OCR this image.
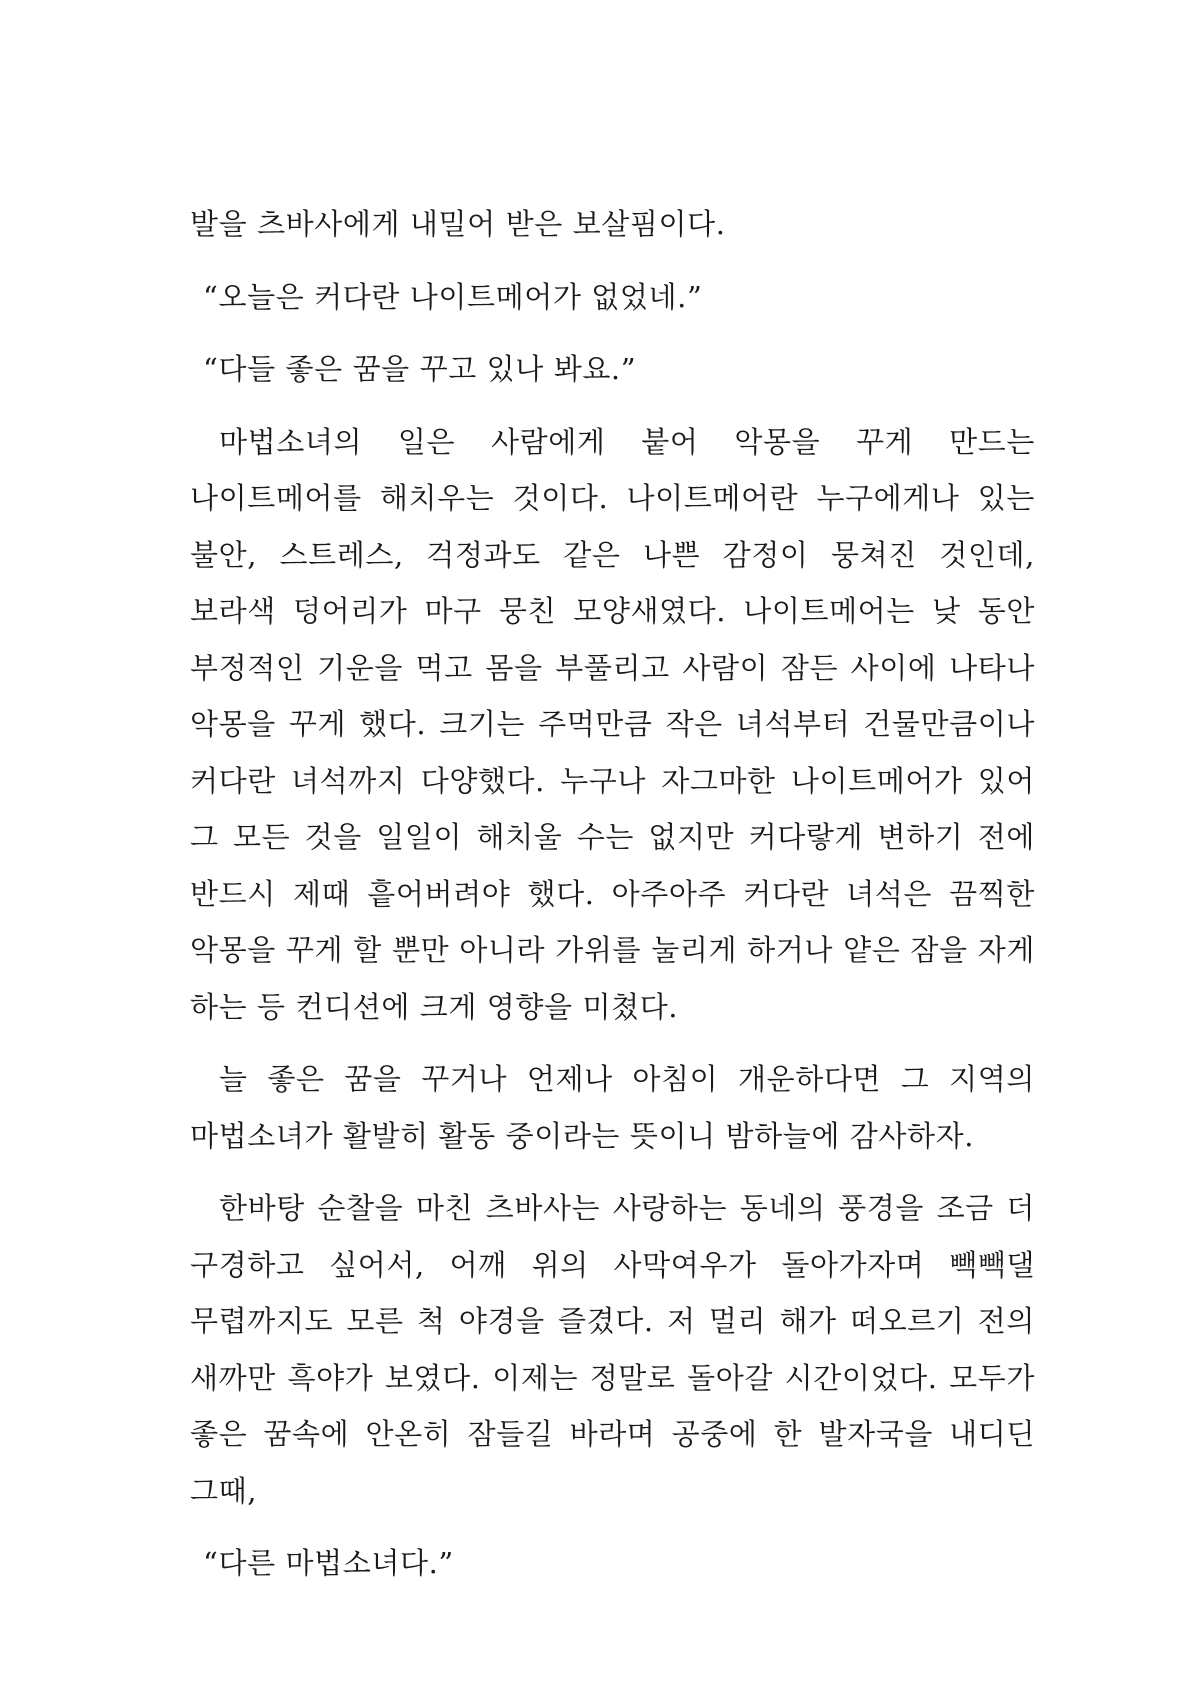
발을 츠바사에게 내밀어 받은 보살핌이다.

“오늘은 커다란 나이트메어가 없었네.”

“다들 좋은 꿈을 꾸고 있나 봐요.”

마법소녀의 일은 사람에게 붙어 악몽을 꾸게 만드는 나이트메어를 해치우는 것이다. 나이트메어란 누구에게나 있는 불안, 스트레스, 걱정과도 같은 나쁜 감정이 뭉쳐진 것인데, 보라색 덩어리가 마구 뭉친 모양새였다. 나이트메어는 낮 동안 부정적인 기운을 먹고 몸을 부풀리고 사람이 잠든 사이에 나타나 악몽을 꾸게 했다. 크기는 주먹만큼 작은 녀석부터 건물만큼이나 커다란 녀석까지 다양했다. 누구나 자그마한 나이트메어가 있어 그 모든 것을 일일이 해치울 수는 없지만 커다랗게 변하기 전에 반드시 제때 흩어버려야 했다. 아주아주 커다란 녀석은 끔찍한 악몽을 꾸게 할 뿐만 아니라 가위를 눌리게 하거나 얕은 잠을 자게 하는 등 컨디션에 크게 영향을 미쳤다.

늘 좋은 꿈을 꾸거나 언제나 아침이 개운하다면 그 지역의 마법소녀가 활발히 활동 중이라는 뜻이니 밤하늘에 감사하자.

한바탕 순찰을 마친 츠바사는 사랑하는 동네의 풍경을 조금 더 구경하고 싶어서, 어깨 위의 사막여우가 돌아가자며 빽빽댈 무렵까지도 모른 척 야경을 즐겼다. 저 멀리 해가 떠오르기 전의 새까만 흑야가 보였다. 이제는 정말로 돌아갈 시간이었다. 모두가 좋은 꿈속에 안온히 잠들길 바라며 공중에 한 발자국을 내디딘 그때,

“다른 마법소녀다.”
